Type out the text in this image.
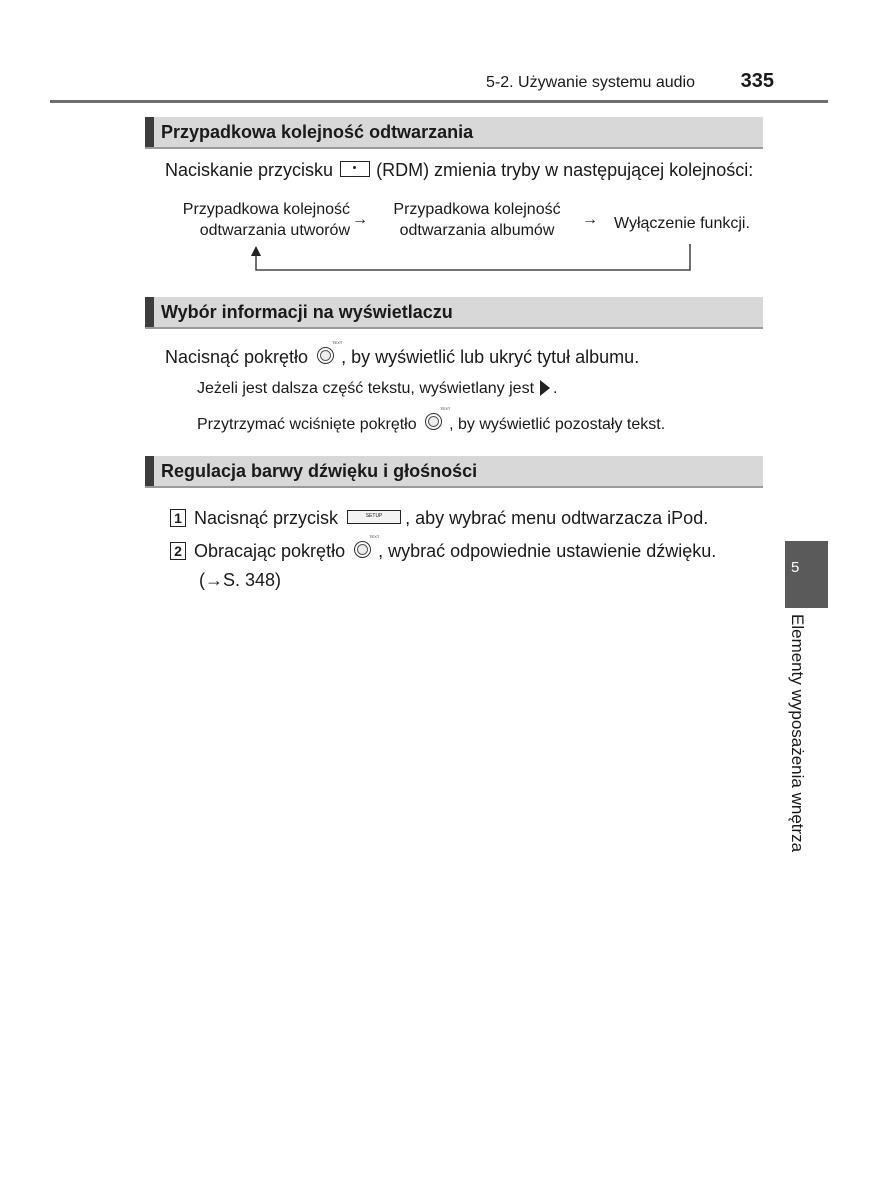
5-2. Używanie systemu audio	335
Przypadkowa kolejność odtwarzania
Naciskanie przycisku (RDM) zmienia tryby w następującej kolejności:
Przypadkowa kolejność
odtwarzania utworów
→
Przypadkowa kolejność
odtwarzania albumów
→ Wyłączenie funkcji.
Wybór informacji na wyświetlaczu
Nacisnąć pokrętło
TEXT
, by wyświetlić lub ukryć tytuł albumu.
Jeżeli jest dalsza część tekstu, wyświetlany jest .
Przytrzymać wciśnięte pokrętło
TEXT
, by wyświetlić pozostały tekst.
Regulacja barwy dźwięku i głośności
1 Nacisnąć przycisk	SETUP	, aby wybrać menu odtwarzacza iPod.
2 Obracając pokrętło
TEXT
, wybrać odpowiednie ustawienie dźwięku.
(→S. 348)
5
Elementy wyposażenia wnętrza
